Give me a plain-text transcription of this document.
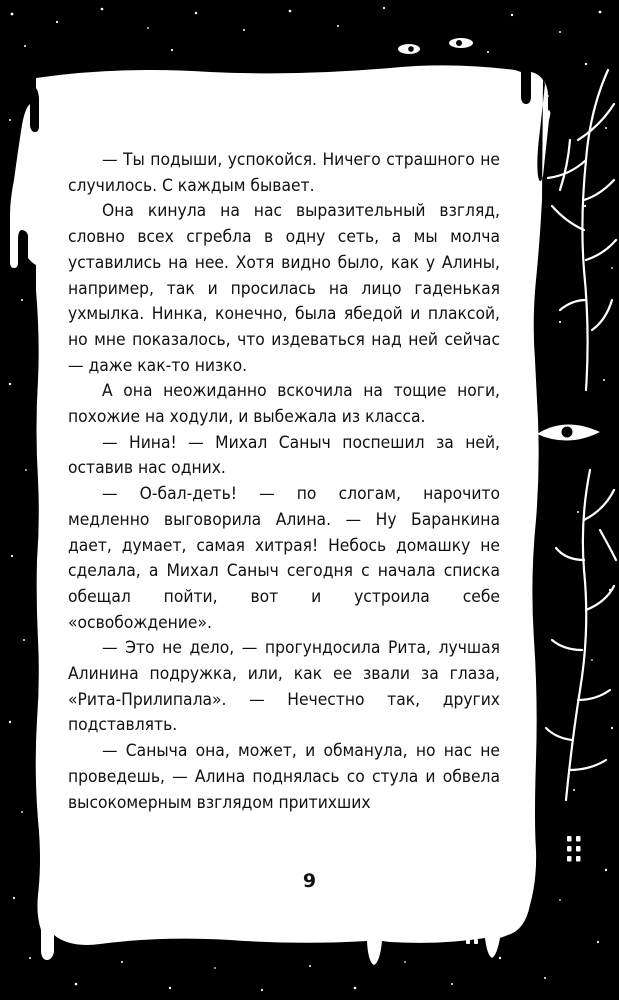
— Ты подыши, успокойся. Ничего страшного не случилось. С каждым бывает.

Она кинула на нас выразительный взгляд, словно всех сгребла в одну сеть, а мы молча уставились на нее. Хотя видно было, как у Алины, например, так и просилась на лицо гаденькая ухмылка. Нинка, конечно, была ябедой и плаксой, но мне показалось, что издеваться над ней сейчас — даже как-то низко.

А она неожиданно вскочила на тощие ноги, похожие на ходули, и выбежала из класса.

— Нина! — Михал Саныч поспешил за ней, оставив нас одних.

— О-бал-деть! — по слогам, нарочито медленно выговорила Алина. — Ну Баранкина дает, думает, самая хитрая! Небось домашку не сделала, а Михал Саныч сегодня с начала списка обещал пойти, вот и устроила себе «освобождение».

— Это не дело, — прогундосила Рита, лучшая Алинина подружка, или, как ее звали за глаза, «Рита-Прилипала». — Нечестно так, других подставлять.

— Саныча она, может, и обманула, но нас не проведешь, — Алина поднялась со стула и обвела высокомерным взглядом притихших

9
